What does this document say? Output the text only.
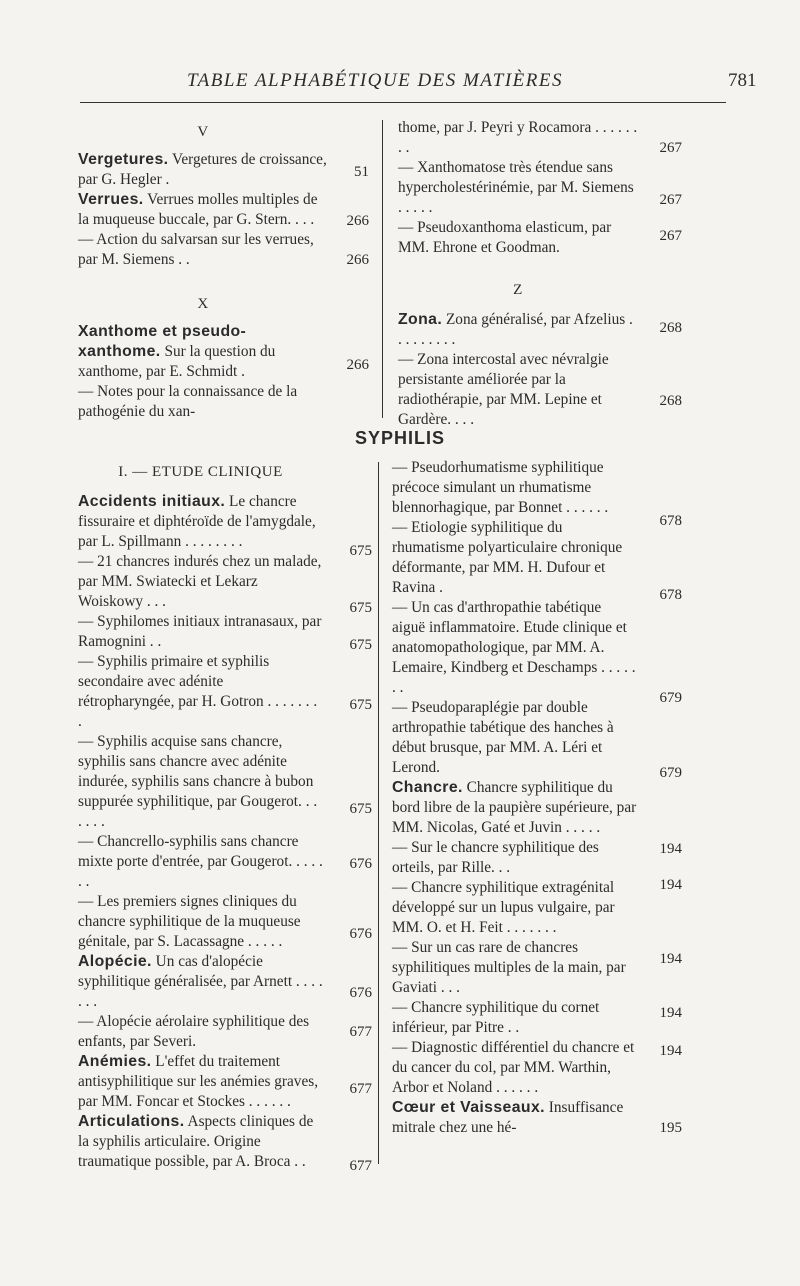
TABLE ALPHABÉTIQUE DES MATIÈRES	781
V

Vergetures. Vergetures de croissance, par G. Hegler .

Verrues. Verrues molles multiples de la muqueuse buccale, par G. Stern. . . .

— Action du salvarsan sur les verrues, par M. Siemens . .

X

Xanthome et pseudo-xanthome. Sur la question du xanthome, par E. Schmidt .

— Notes pour la connaissance de la pathogénie du xan-

51
266
266
266

thome, par J. Peyri y Rocamora . . . . . . . .

— Xanthomatose très étendue sans hypercholestérinémie, par M. Siemens . . . . .

— Pseudoxanthoma elasticum, par MM. Ehrone et Goodman.

Z

Zona. Zona généralisé, par Afzelius . . . . . . . . .

— Zona intercostal avec névralgie persistante améliorée par la radiothérapie, par MM. Lepine et Gardère. . . .

267
267
267
268
268
SYPHILIS
I. — ETUDE CLINIQUE

Accidents initiaux. Le chancre fissuraire et diphtéroïde de l'amygdale, par L. Spillmann . . . . . . . .

— 21 chancres indurés chez un malade, par MM. Swiatecki et Lekarz Woiskowy . . .

— Syphilomes initiaux intranasaux, par Ramognini . .

— Syphilis primaire et syphilis secondaire avec adénite rétropharyngée, par H. Gotron . . . . . . . .

— Syphilis acquise sans chancre, syphilis sans chancre avec adénite indurée, syphilis sans chancre à bubon suppurée syphilitique, par Gougerot. . . . . . .

— Chancrello-syphilis sans chancre mixte porte d'entrée, par Gougerot. . . . . . .

— Les premiers signes cliniques du chancre syphilitique de la muqueuse génitale, par S. Lacassagne . . . . .

Alopécie. Un cas d'alopécie syphilitique généralisée, par Arnett . . . . . . .

— Alopécie aérolaire syphilitique des enfants, par Severi.

Anémies. L'effet du traitement antisyphilitique sur les anémies graves, par MM. Foncar et Stockes . . . . . .

Articulations. Aspects cliniques de la syphilis articulaire. Origine traumatique possible, par A. Broca . .

675
675
675
675
675
676
676
676
677
677
677

— Pseudorhumatisme syphilitique précoce simulant un rhumatisme blennorhagique, par Bonnet . . . . . .

— Etiologie syphilitique du rhumatisme polyarticulaire chronique déformante, par MM. H. Dufour et Ravina .

— Un cas d'arthropathie tabétique aiguë inflammatoire. Etude clinique et anatomopathologique, par MM. A. Lemaire, Kindberg et Deschamps . . . . . . .

— Pseudoparaplégie par double arthropathie tabétique des hanches à début brusque, par MM. A. Léri et Lerond.

Chancre. Chancre syphilitique du bord libre de la paupière supérieure, par MM. Nicolas, Gaté et Juvin . . . . .

— Sur le chancre syphilitique des orteils, par Rille. . .

— Chancre syphilitique extragénital développé sur un lupus vulgaire, par MM. O. et H. Feit . . . . . . .

— Sur un cas rare de chancres syphilitiques multiples de la main, par Gaviati . . .

— Chancre syphilitique du cornet inférieur, par Pitre . .

— Diagnostic différentiel du chancre et du cancer du col, par MM. Warthin, Arbor et Noland . . . . . .

Cœur et Vaisseaux. Insuffisance mitrale chez une hé-

678
678
679
679
194
194
194
194
194
195
